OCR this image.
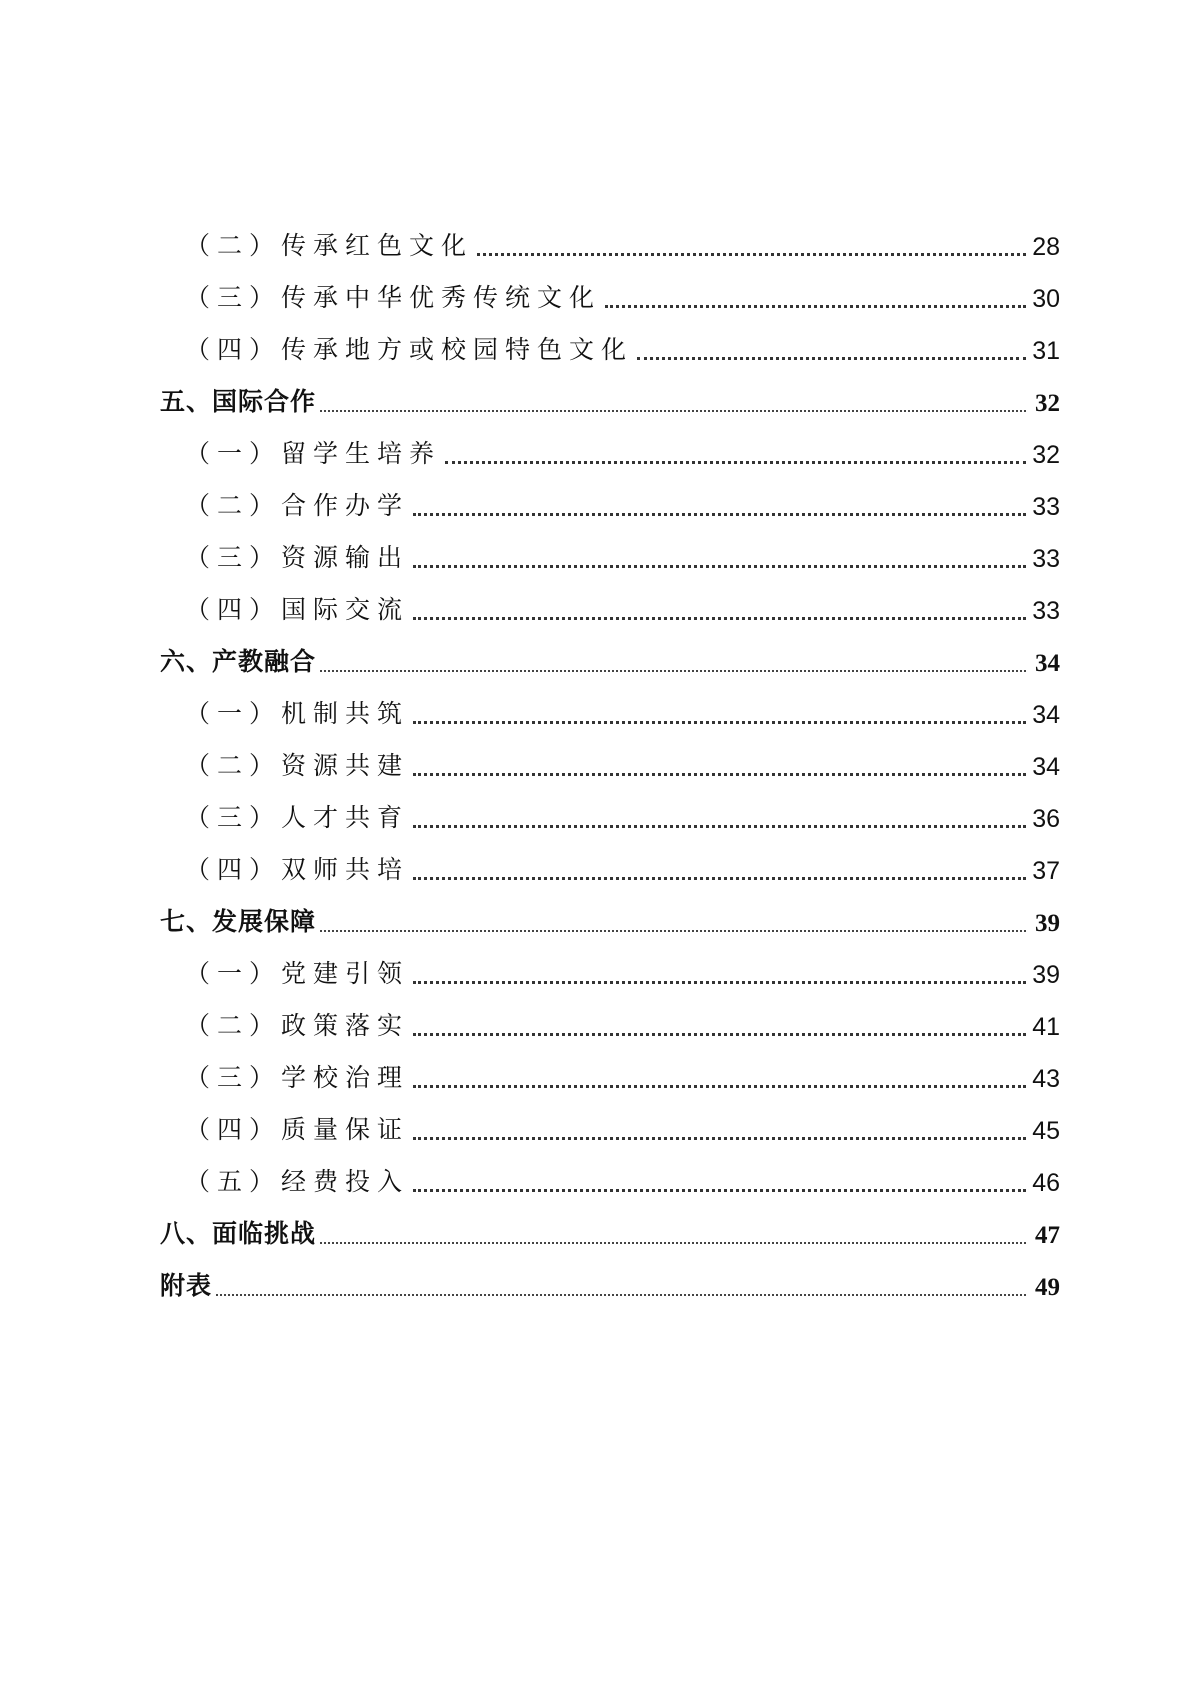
（二）传承红色文化	28
（三）传承中华优秀传统文化	30
（四）传承地方或校园特色文化	31
五、国际合作	32
（一）留学生培养	32
（二）合作办学	33
（三）资源输出	33
（四）国际交流	33
六、产教融合	34
（一）机制共筑	34
（二）资源共建	34
（三）人才共育	36
（四）双师共培	37
七、发展保障	39
（一）党建引领	39
（二）政策落实	41
（三）学校治理	43
（四）质量保证	45
（五）经费投入	46
八、面临挑战	47
附表	49
